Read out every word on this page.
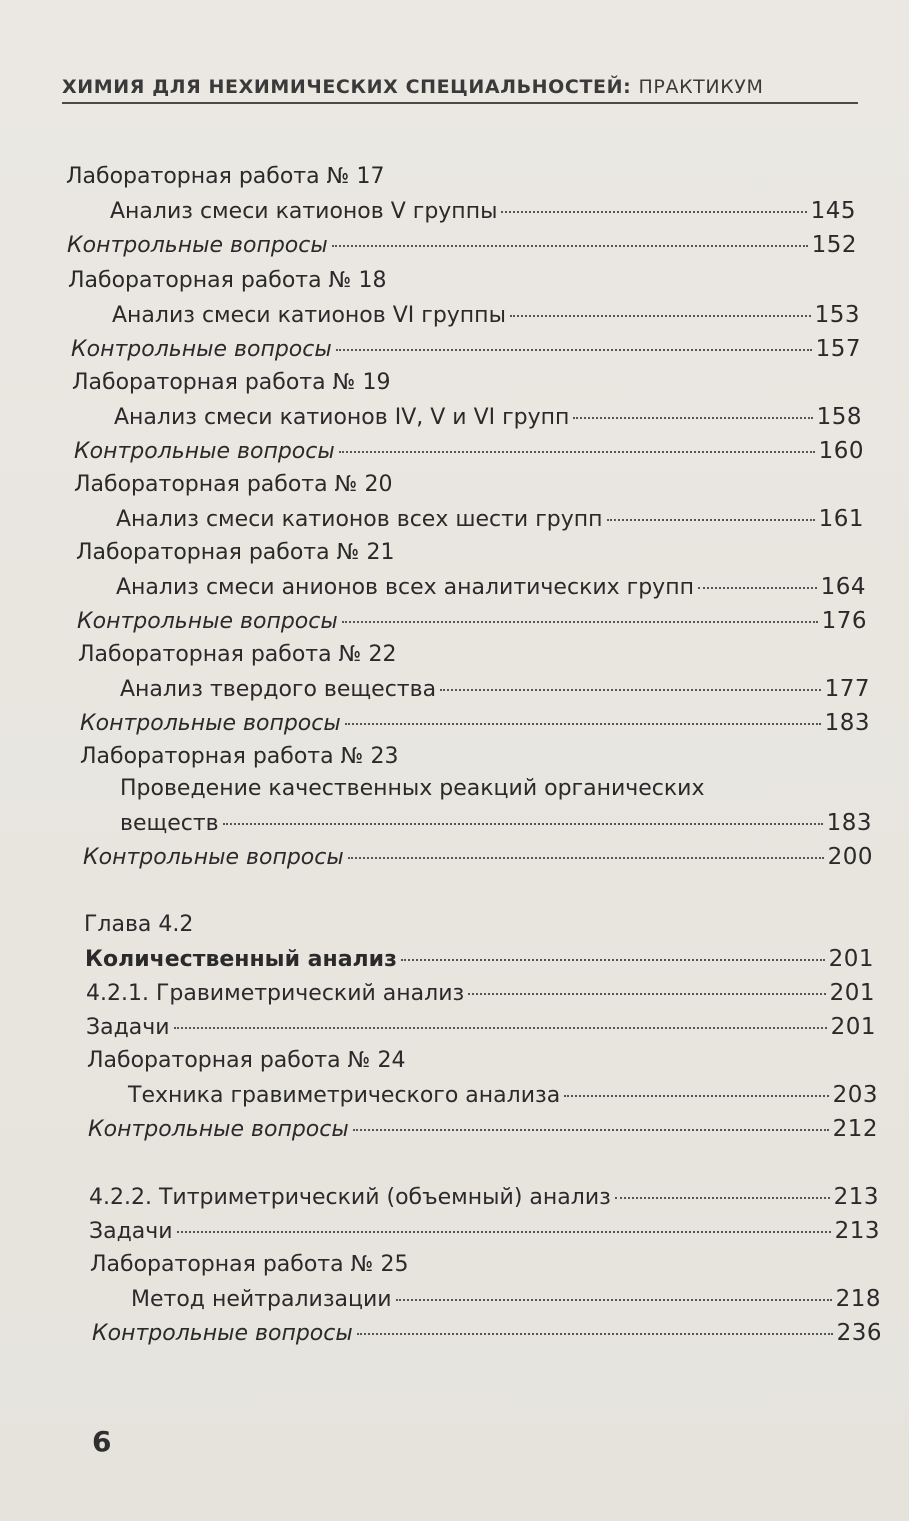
ХИМИЯ ДЛЯ НЕХИМИЧЕСКИХ СПЕЦИАЛЬНОСТЕЙ: ПРАКТИКУМ
Лабораторная работа № 17
Анализ смеси катионов V группы	145
Контрольные вопросы	152
Лабораторная работа № 18
Анализ смеси катионов VI группы	153
Контрольные вопросы	157
Лабораторная работа № 19
Анализ смеси катионов IV, V и VI групп	158
Контрольные вопросы	160
Лабораторная работа № 20
Анализ смеси катионов всех шести групп	161
Лабораторная работа № 21
Анализ смеси анионов всех аналитических групп	164
Контрольные вопросы	176
Лабораторная работа № 22
Анализ твердого вещества	177
Контрольные вопросы	183
Лабораторная работа № 23
Проведение качественных реакций органических
веществ	183
Контрольные вопросы	200
Глава 4.2
Количественный анализ	201
4.2.1. Гравиметрический анализ	201
Задачи	201
Лабораторная работа № 24
Техника гравиметрического анализа	203
Контрольные вопросы	212
4.2.2. Титриметрический (объемный) анализ	213
Задачи	213
Лабораторная работа № 25
Метод нейтрализации	218
Контрольные вопросы	236
6
